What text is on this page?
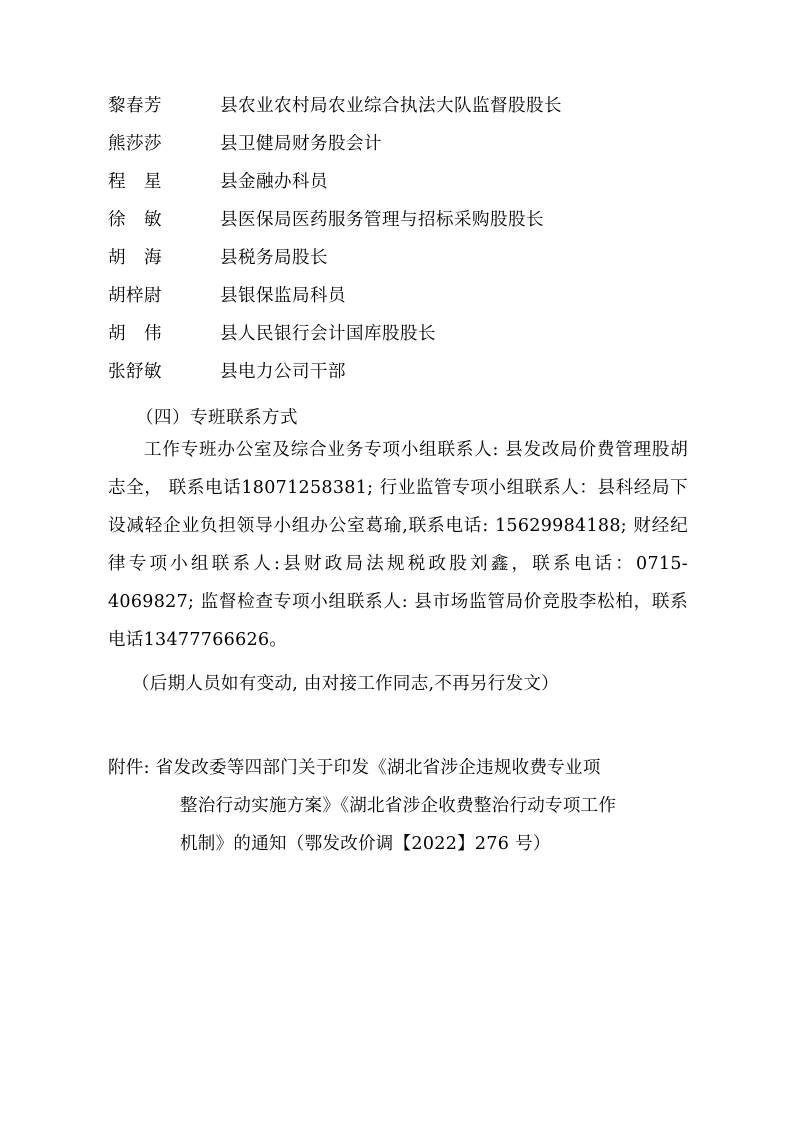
黎春芳	县农业农村局农业综合执法大队监督股股长
熊莎莎	县卫健局财务股会计
程　星	县金融办科员
徐　敏	县医保局医药服务管理与招标采购股股长
胡　海	县税务局股长
胡梓尉	县银保监局科员
胡　伟	县人民银行会计国库股股长
张舒敏	县电力公司干部
（四）专班联系方式

工作专班办公室及综合业务专项小组联系人: 县发改局价费管理股胡志全， 联系电话18071258381; 行业监管专项小组联系人：县科经局下设减轻企业负担领导小组办公室葛瑜,联系电话: 15629984188; 财经纪律专项小组联系人:县财政局法规税政股刘鑫，联系电话：0715-4069827; 监督检查专项小组联系人: 县市场监管局价竞股李松柏，联系电话13477766626。

（后期人员如有变动, 由对接工作同志,不再另行发文）
附件: 省发改委等四部门关于印发《湖北省涉企违规收费专业项
整治行动实施方案》《湖北省涉企收费整治行动专项工作
机制》的通知（鄂发改价调【2022】276 号）
